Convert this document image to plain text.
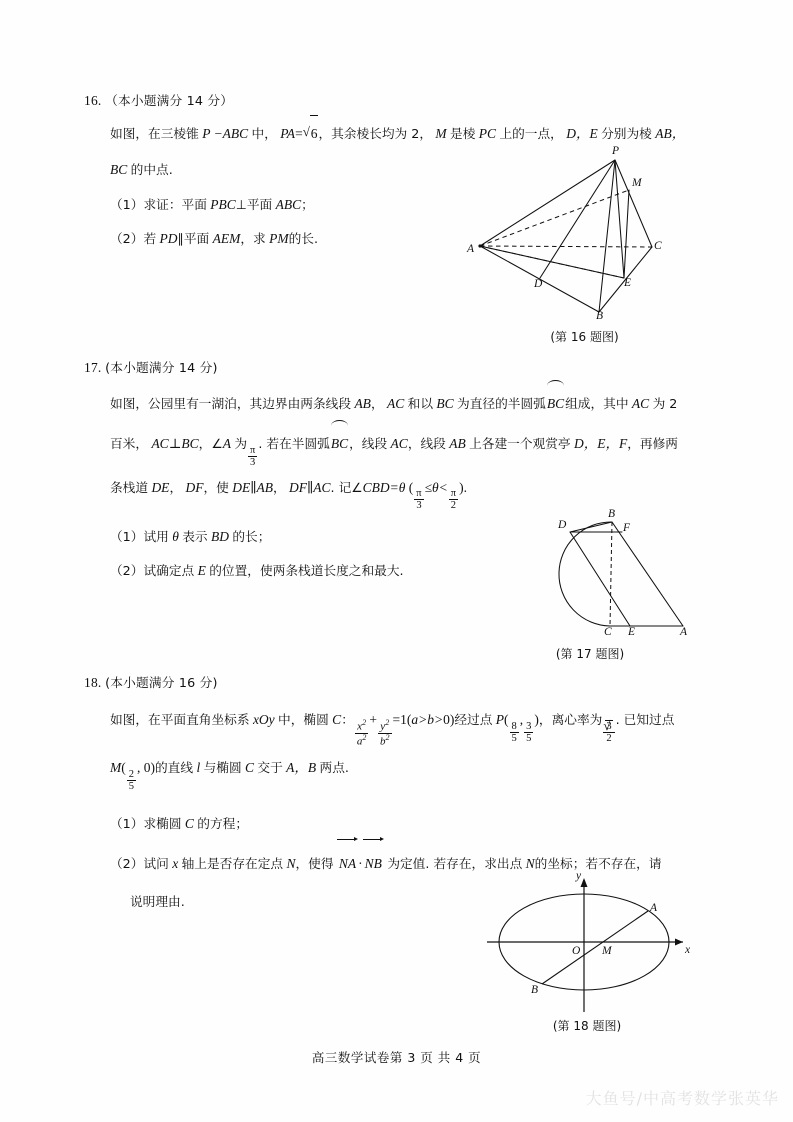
16. （本小题满分 14 分）
如图，在三棱锥 P −ABC 中， PA= √ 6，其余棱长均为 2， M 是棱 PC 上的一点， D，E 分别为棱 AB，
BC 的中点.
（1）求证：平面 PBC⊥平面 ABC；
（2）若 PD∥平面 AEM，求 PM的长.
P
M
A	C
D	E
B
(第 16 题图)
17. (本小题满分 14 分)
如图，公园里有一湖泊，其边界由两条线段 AB， AC 和以 BC 为直径的半圆弧BC组成，其中 AC 为 2
百米， AC⊥BC，∠A 为
$\frac{\pi}{3}$
. 若在半圆弧BC，线段 AC，线段 AB 上各建一个观赏亭 D，E，F，再修两
条栈道 DE， DF，使 DE∥AB， DF∥AC. 记∠CBD=θ (
$\frac{\pi}{3}$
≤θ<
$\frac{\pi}{2}$
).
（1）试用 θ 表示 BD 的长；
（2）试确定点 E 的位置，使两条栈道长度之和最大.
B
D	F
C E	A
(第 17 题图)
18. (本小题满分 16 分)
如图，在平面直角坐标系 xOy 中，椭圆 C： $\frac{x^2}{a^2} + \frac{y^2}{b^2} =1(a>b>0)$经过点 P(
$\frac{8}{5}$
,
$\frac{3}{5}$
)，离心率为
√ $\frac{3}{2}$
. 已知过点
M(
$\frac{2}{5}$
, 0)的直线 l 与椭圆 C 交于 A，B 两点.
（1）求椭圆 C 的方程；
（2）试问 x 轴上是否存在定点 N，使得 NA · NB 为定值. 若存在，求出点 N的坐标；若不存在，请
说明理由.
y
x
O M
A
B
(第 18 题图)
高三数学试卷第 3 页 共 4 页
大鱼号/中高考数学张英华
